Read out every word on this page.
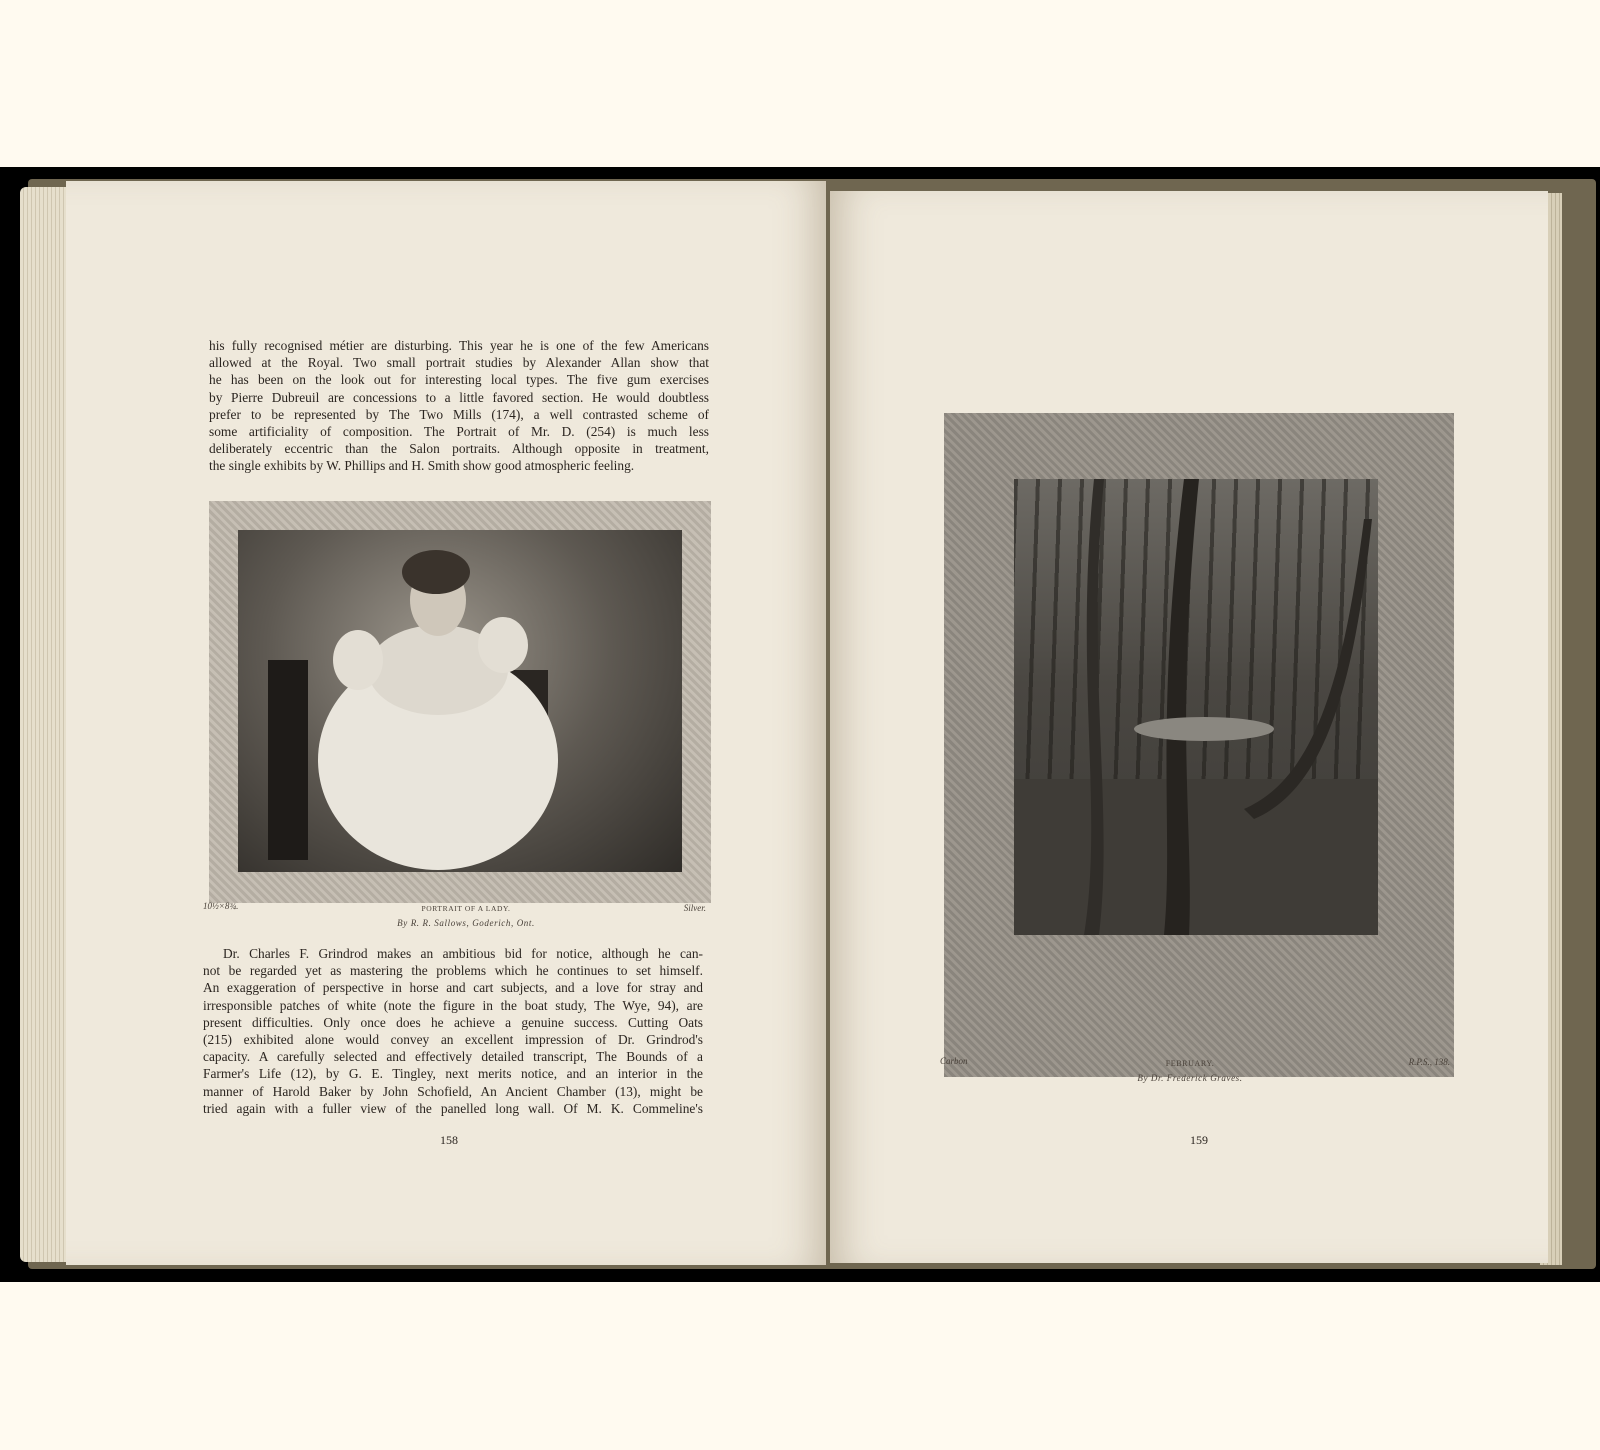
his fully recognised métier are disturbing. This year he is one of the few Americans

allowed at the Royal. Two small portrait studies by Alexander Allan show that

he has been on the look out for interesting local types. The five gum exercises

by Pierre Dubreuil are concessions to a little favored section. He would doubtless

prefer to be represented by The Two Mills (174), a well contrasted scheme of

some artificiality of composition. The Portrait of Mr. D. (254) is much less

deliberately eccentric than the Salon portraits. Although opposite in treatment,

the single exhibits by W. Phillips and H. Smith show good atmospheric feeling.

10½×8¾.	PORTRAIT OF A LADY.	Silver.
By R. R. Sallows, Goderich, Ont.

Dr. Charles F. Grindrod makes an ambitious bid for notice, although he can-

not be regarded yet as mastering the problems which he continues to set himself.

An exaggeration of perspective in horse and cart subjects, and a love for stray and

irresponsible patches of white (note the figure in the boat study, The Wye, 94), are

present difficulties. Only once does he achieve a genuine success. Cutting Oats

(215) exhibited alone would convey an excellent impression of Dr. Grindrod's

capacity. A carefully selected and effectively detailed transcript, The Bounds of a

Farmer's Life (12), by G. E. Tingley, next merits notice, and an interior in the

manner of Harold Baker by John Schofield, An Ancient Chamber (13), might be

tried again with a fuller view of the panelled long wall. Of M. K. Commeline's

158
Carbon	FEBRUARY.	R.P.S., 138.
By Dr. Frederick Graves.
159
